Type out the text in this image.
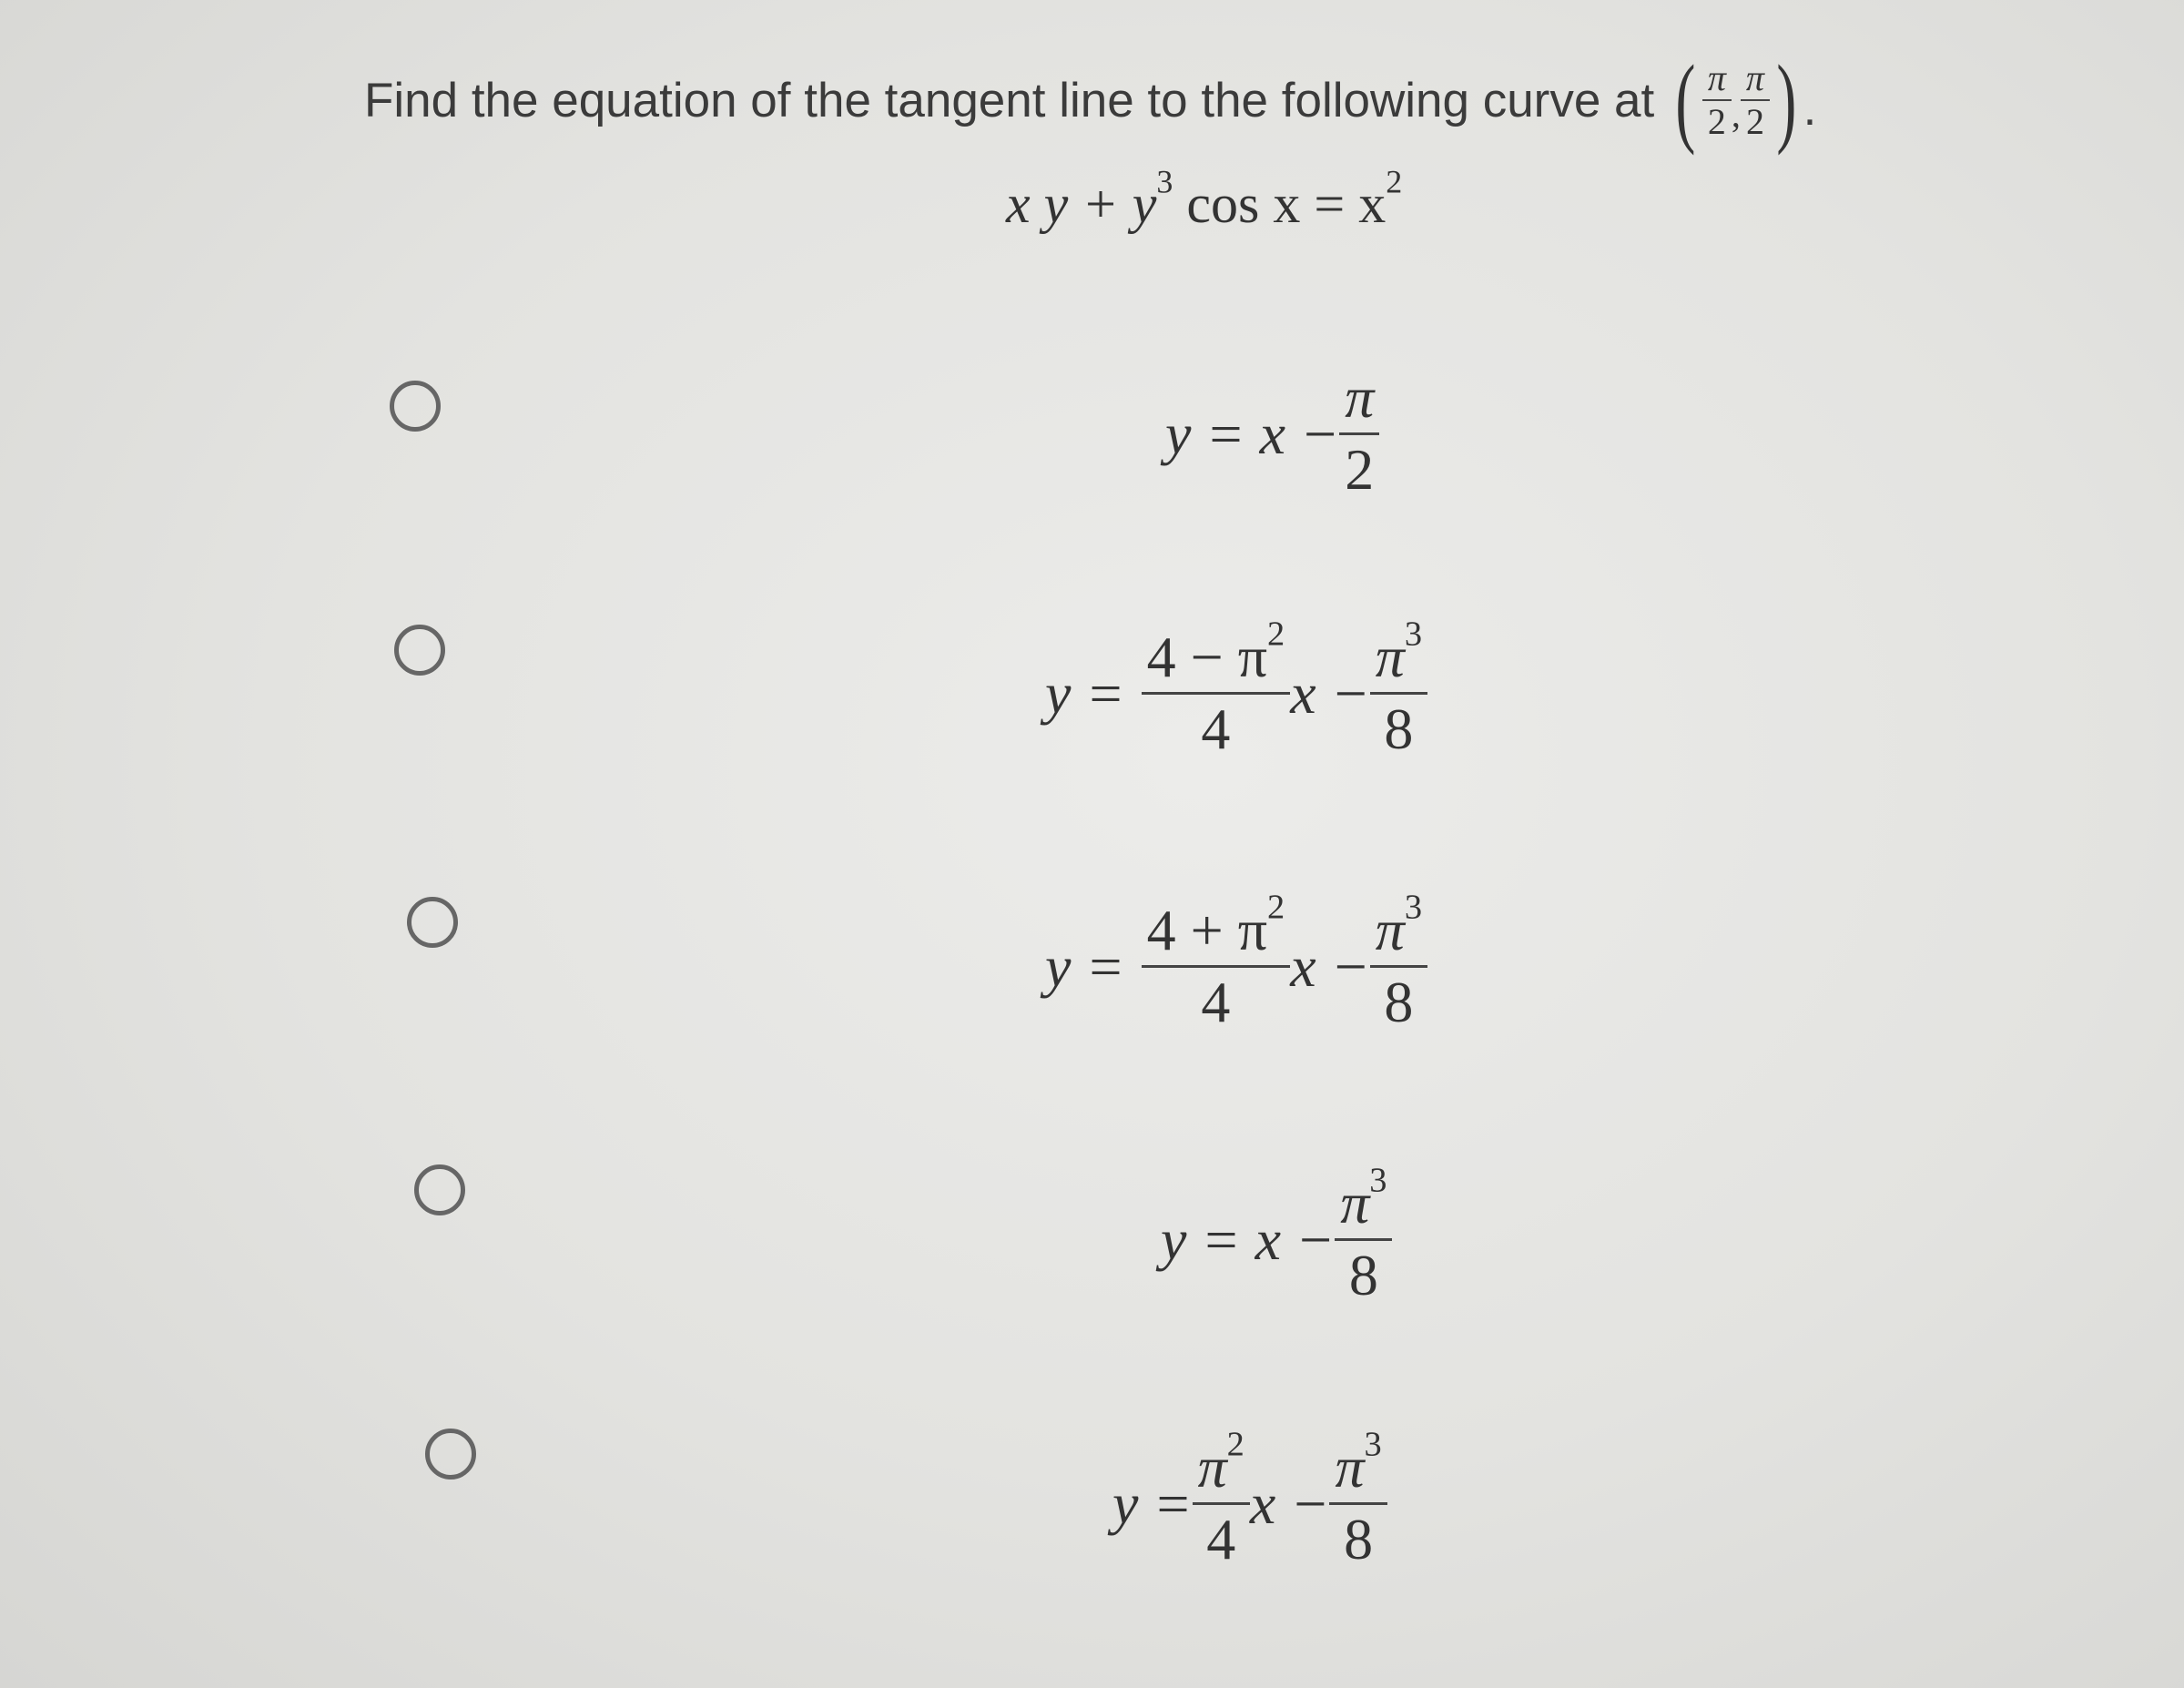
Find the equation of the tangent line to the following curve at ( $\frac{\pi}{2}$ , $\frac{\pi}{2}$ ) .
x $y + y^3$ $\cos x = x^2$
$y = x - \frac{\pi}{2}$
$y = \frac{4 - \pi^2}{4}$ $x - \frac{\pi^3}{8}$
$y = \frac{4 + \pi^2}{4}$ $x - \frac{\pi^3}{8}$
$y = x - \frac{\pi^3}{8}$
$y = \frac{\pi^2}{4}$ $x - \frac{\pi^3}{8}$
